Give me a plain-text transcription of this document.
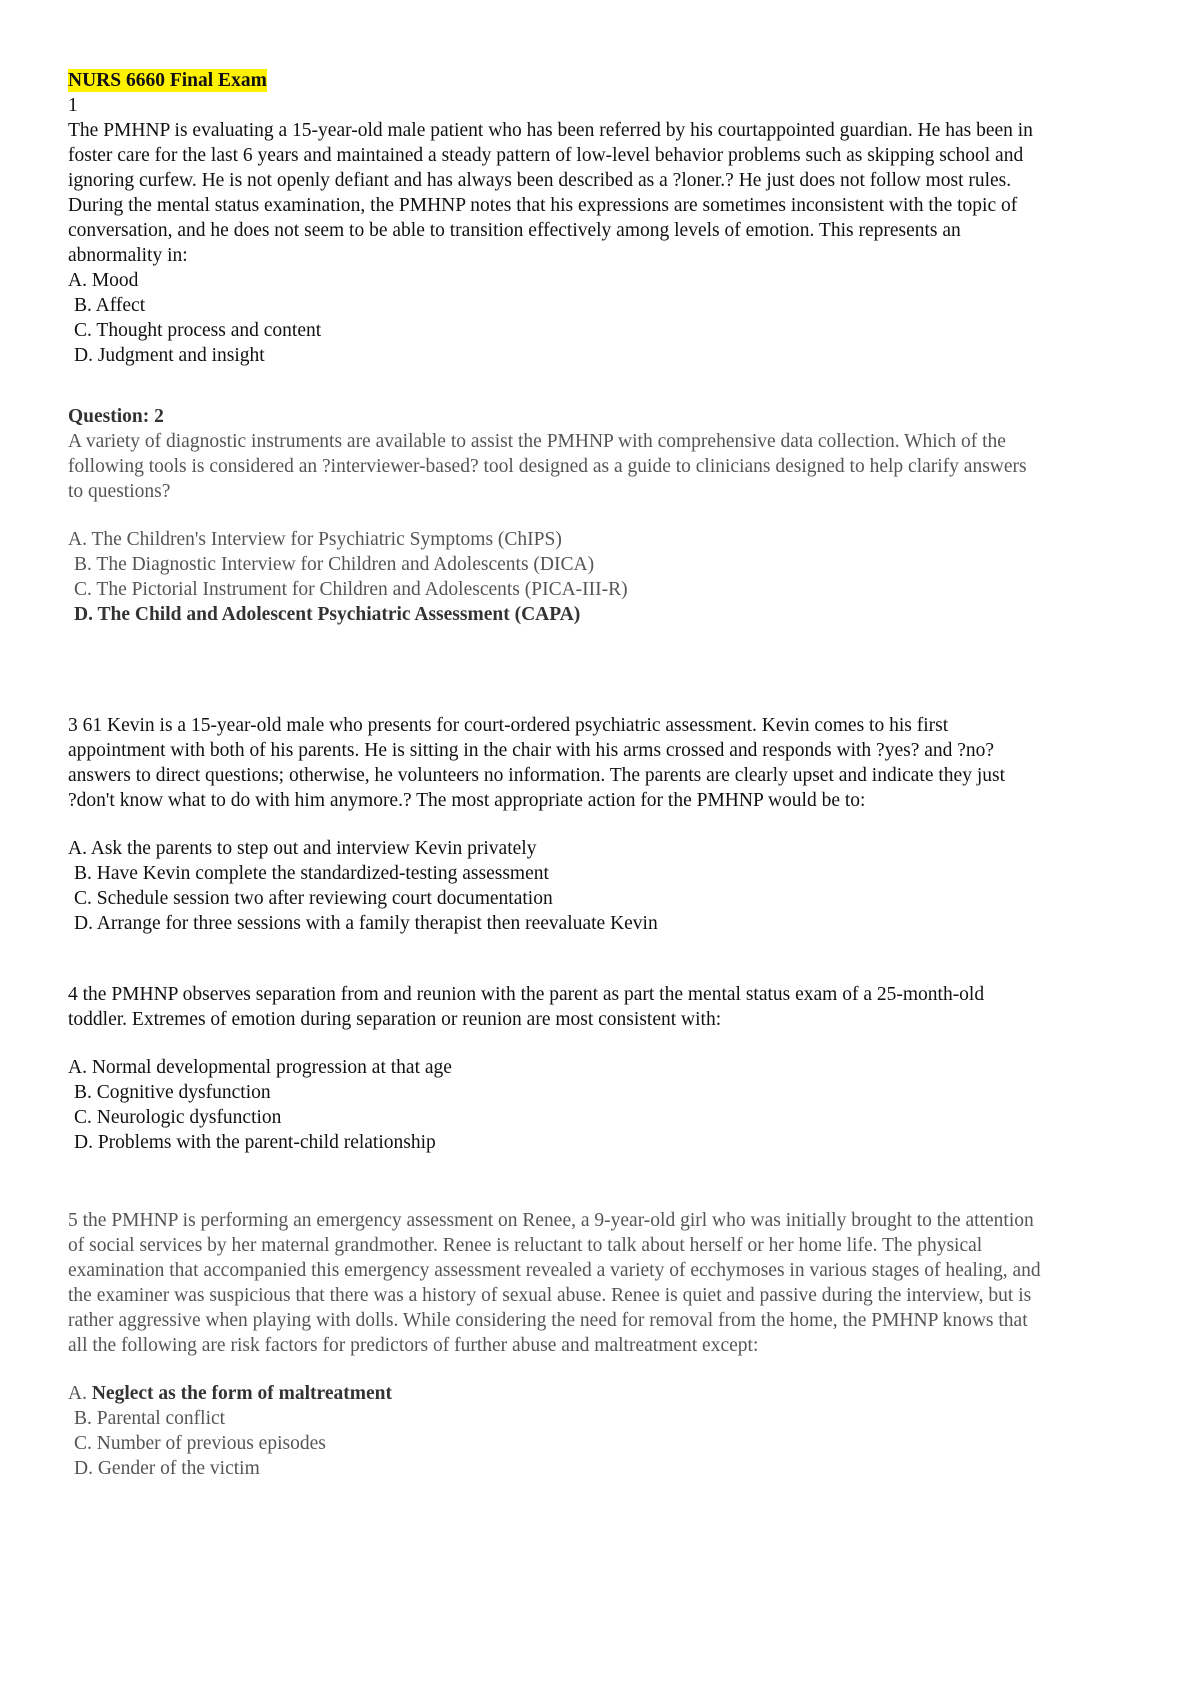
NURS 6660 Final Exam
1
The PMHNP is evaluating a 15-year-old male patient who has been referred by his courtappointed guardian. He has been in
foster care for the last 6 years and maintained a steady pattern of low-level behavior problems such as skipping school and
ignoring curfew. He is not openly defiant and has always been described as a ?loner.? He just does not follow most rules.
During the mental status examination, the PMHNP notes that his expressions are sometimes inconsistent with the topic of
conversation, and he does not seem to be able to transition effectively among levels of emotion. This represents an
abnormality in:
A. Mood
B. Affect
C. Thought process and content
D. Judgment and insight
Question: 2
A variety of diagnostic instruments are available to assist the PMHNP with comprehensive data collection. Which of the
following tools is considered an ?interviewer-based? tool designed as a guide to clinicians designed to help clarify answers
to questions?
A. The Children's Interview for Psychiatric Symptoms (ChIPS)
B. The Diagnostic Interview for Children and Adolescents (DICA)
C. The Pictorial Instrument for Children and Adolescents (PICA-III-R)
D. The Child and Adolescent Psychiatric Assessment (CAPA)
3 61 Kevin is a 15-year-old male who presents for court-ordered psychiatric assessment. Kevin comes to his first
appointment with both of his parents. He is sitting in the chair with his arms crossed and responds with ?yes? and ?no?
answers to direct questions; otherwise, he volunteers no information. The parents are clearly upset and indicate they just
?don't know what to do with him anymore.? The most appropriate action for the PMHNP would be to:
A. Ask the parents to step out and interview Kevin privately
B. Have Kevin complete the standardized-testing assessment
C. Schedule session two after reviewing court documentation
D. Arrange for three sessions with a family therapist then reevaluate Kevin
4 the PMHNP observes separation from and reunion with the parent as part the mental status exam of a 25-month-old
toddler. Extremes of emotion during separation or reunion are most consistent with:
A. Normal developmental progression at that age
B. Cognitive dysfunction
C. Neurologic dysfunction
D. Problems with the parent-child relationship
5 the PMHNP is performing an emergency assessment on Renee, a 9-year-old girl who was initially brought to the attention
of social services by her maternal grandmother. Renee is reluctant to talk about herself or her home life. The physical
examination that accompanied this emergency assessment revealed a variety of ecchymoses in various stages of healing, and
the examiner was suspicious that there was a history of sexual abuse. Renee is quiet and passive during the interview, but is
rather aggressive when playing with dolls. While considering the need for removal from the home, the PMHNP knows that
all the following are risk factors for predictors of further abuse and maltreatment except:
A. Neglect as the form of maltreatment
B. Parental conflict
C. Number of previous episodes
D. Gender of the victim
